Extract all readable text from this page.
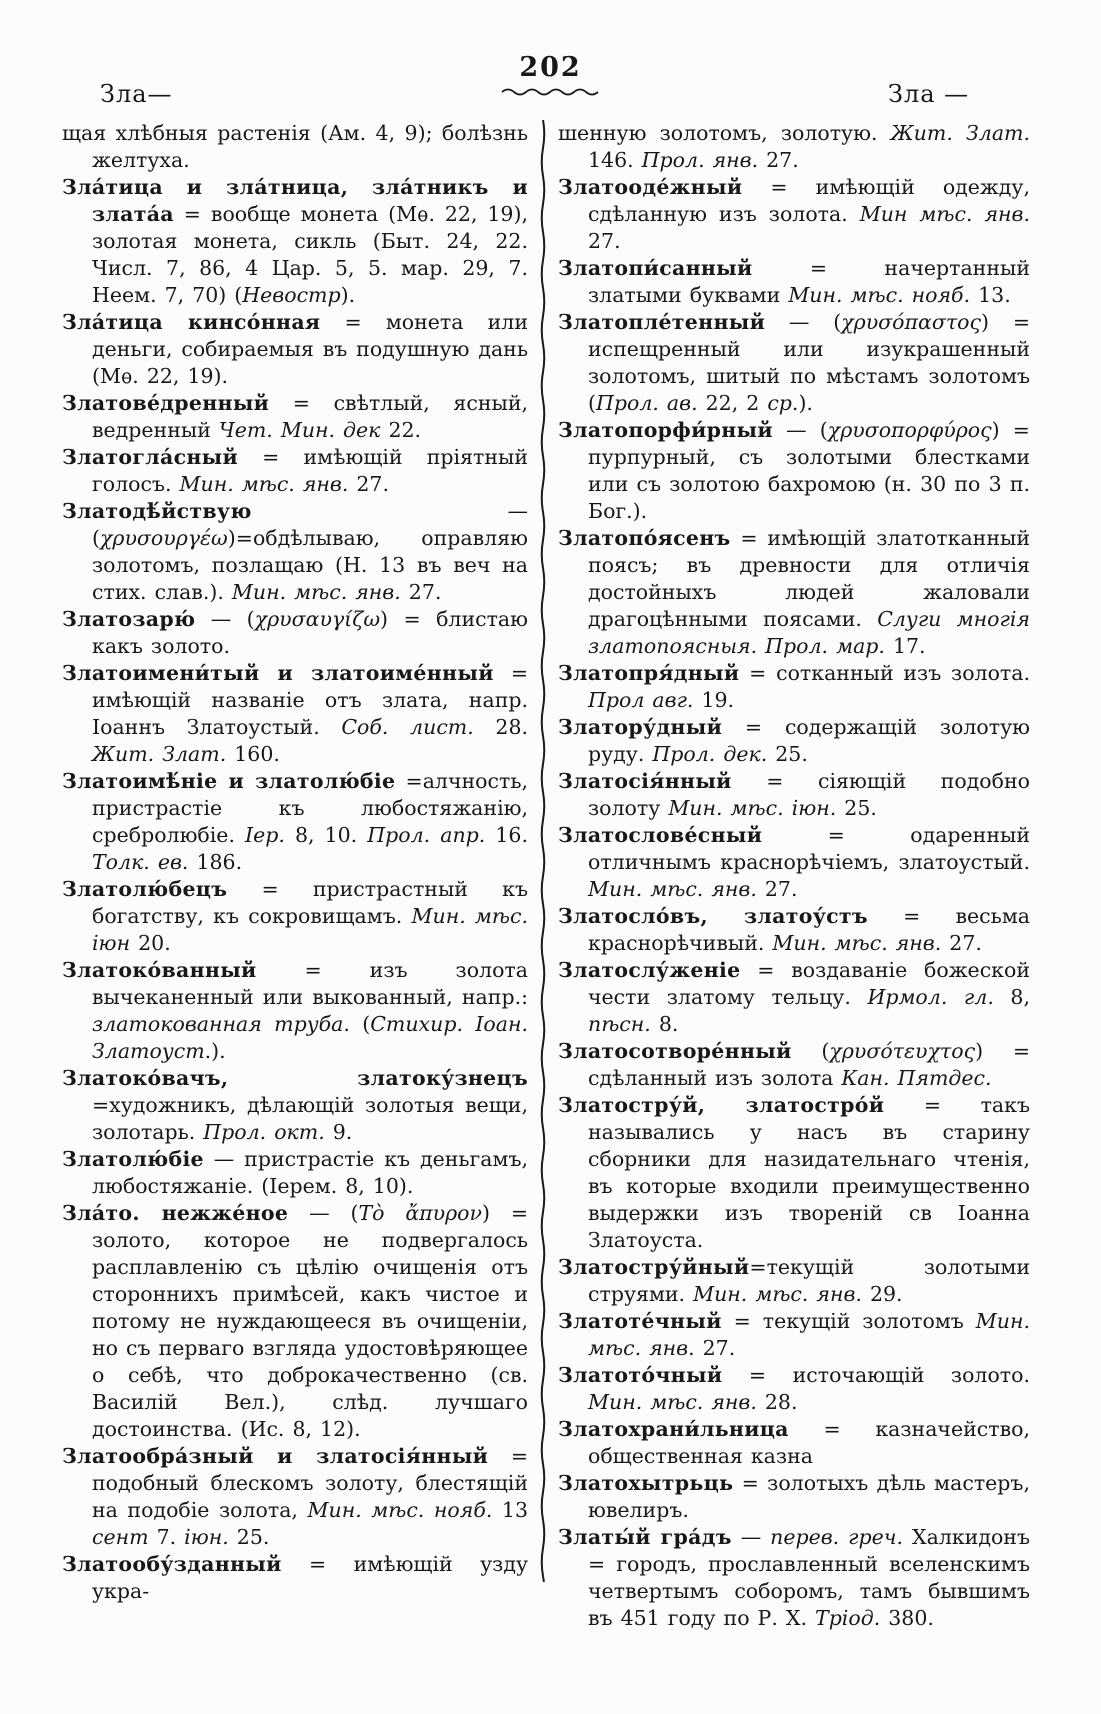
202
Зла—	Зла —

щая хлѣбныя растенія (Ам. 4, 9); болѣзнь желтуха.

Зла́тица и зла́тница, зла́тникъ и злата́а = вообще монета (Мѳ. 22, 19), золотая монета, сикль (Быт. 24, 22. Числ. 7, 86, 4 Цар. 5, 5. мар. 29, 7. Неем. 7, 70) (Невостр).

Зла́тица кинсо́нная = монета или деньги, собираемыя въ подушную дань (Мѳ. 22, 19).

Златове́дренный = свѣтлый, ясный, ведренный Чет. Мин. дек 22.

Златогла́сный = имѣющій пріятный голосъ. Мин. мѣс. янв. 27.

Златодѣ́йствую — (χρυσουργέω)=обдѣлываю, оправляю золотомъ, позлащаю (Н. 13 въ веч на стих. слав.). Мин. мѣс. янв. 27.

Златозарю́ — (χρυσαυγίζω) = блистаю какъ золото.

Златоимени́тый и златоиме́нный = имѣющій названіе отъ злата, напр. Іоаннъ Златоустый. Соб. лист. 28. Жит. Злат. 160.

Златоимѣ́ніе и златолю́біе =алчность, пристрастіе къ любостяжанію, сребролюбіе. Іер. 8, 10. Прол. апр. 16. Толк. ев. 186.

Златолю́бецъ = пристрастный къ богатству, къ сокровищамъ. Мин. мѣс. іюн 20.

Златоко́ванный = изъ золота вычеканенный или выкованный, напр.: златокованная труба. (Стихир. Іоан. Златоуст.).

Златоко́вачъ, златоку́знецъ =художникъ, дѣлающій золотыя вещи, золотарь. Прол. окт. 9.

Златолю́біе — пристрастіе къ деньгамъ, любостяжаніе. (Іерем. 8, 10).

Зла́то. нежже́ное — (Τὸ ἄπυρον) = золото, которое не подвергалось расплавленію съ цѣлію очищенія отъ стороннихъ примѣсей, какъ чистое и потому не нуждающееся въ очищеніи, но съ перваго взгляда удостовѣряющее о себѣ, что доброкачественно (св. Василій Вел.), слѣд. лучшаго достоинства. (Ис. 8, 12).

Златообра́зный и златосія́нный = подобный блескомъ золоту, блестящій на подобіе золота, Мин. мѣс. нояб. 13 сент 7. іюн. 25.

Златообу́зданный = имѣющій узду укра-

шенную золотомъ, золотую. Жит. Злат. 146. Прол. янв. 27.

Златооде́жный = имѣющій одежду, сдѣланную изъ золота. Мин мѣс. янв. 27.

Златопи́санный = начертанный златыми буквами Мин. мѣс. нояб. 13.

Златопле́тенный — (χρυσόπαστος) = испещренный или изукрашенный золотомъ, шитый по мѣстамъ золотомъ (Прол. ав. 22, 2 ср.).

Златопорфи́рный — (χρυσοπορφύρος) = пурпурный, съ золотыми блестками или съ золотою бахромою (н. 30 по 3 п. Бог.).

Златопо́ясенъ = имѣющій златотканный поясъ; въ древности для отличія достойныхъ людей жаловали драгоцѣнными поясами. Слуги многія златопоясныя. Прол. мар. 17.

Златопря́дный = сотканный изъ золота. Прол авг. 19.

Златору́дный = содержащій золотую руду. Прол. дек. 25.

Златосія́нный = сіяющій подобно золоту Мин. мѣс. іюн. 25.

Златослове́сный = одаренный отличнымъ краснорѣчіемъ, златоустый. Мин. мѣс. янв. 27.

Златосло́въ, златоу́стъ = весьма краснорѣчивый. Мин. мѣс. янв. 27.

Златослу́женіе = воздаваніе божеской чести златому тельцу. Ирмол. гл. 8, пѣсн. 8.

Златосотворе́нный (χρυσότευχτος) = сдѣланный изъ золота Кан. Пятдес.

Златостру́й, златостро́й = такъ назывались у насъ въ старину сборники для назидательнаго чтенія, въ которые входили преимущественно выдержки изъ твореній св Іоанна Златоуста.

Златостру́йный=текущій золотыми струями. Мин. мѣс. янв. 29.

Златоте́чный = текущій золотомъ Мин. мѣс. янв. 27.

Златото́чный = источающій золото. Мин. мѣс. янв. 28.

Златохрани́льница = казначейство, общественная казна

Златохытрьць = золотыхъ дѣль мастеръ, ювелиръ.

Златы́й гра́дъ — перев. греч. Халкидонъ = городъ, прославленный вселенскимъ четвертымъ соборомъ, тамъ бывшимъ въ 451 году по Р. Х. Тріод. 380.
